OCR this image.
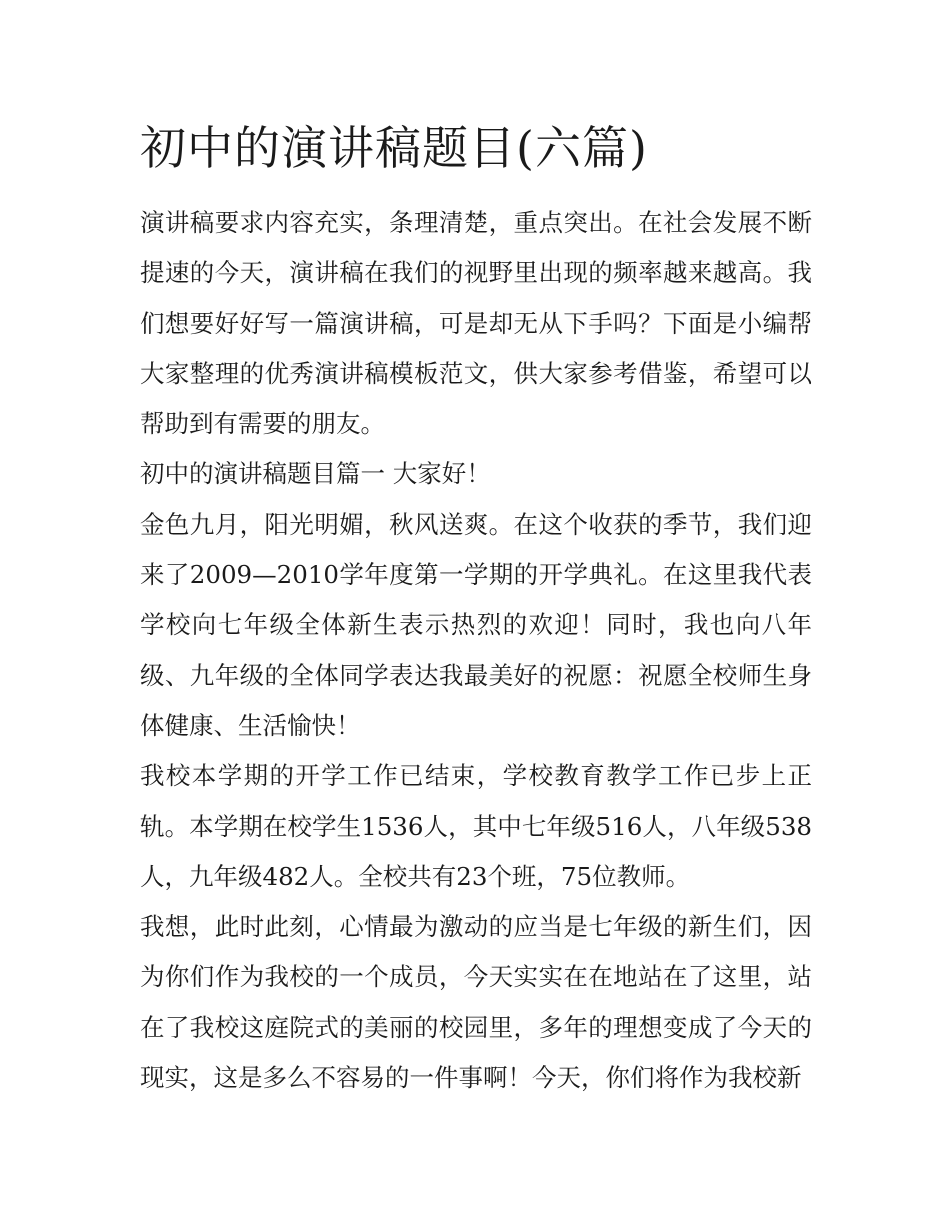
初中的演讲稿题目(六篇)

演讲稿要求内容充实，条理清楚，重点突出。在社会发展不断提速的今天，演讲稿在我们的视野里出现的频率越来越高。我们想要好好写一篇演讲稿，可是却无从下手吗？下面是小编帮大家整理的优秀演讲稿模板范文，供大家参考借鉴，希望可以帮助到有需要的朋友。

初中的演讲稿题目篇一 大家好！

金色九月，阳光明媚，秋风送爽。在这个收获的季节，我们迎来了2009—2010学年度第一学期的开学典礼。在这里我代表学校向七年级全体新生表示热烈的欢迎！同时，我也向八年级、九年级的全体同学表达我最美好的祝愿：祝愿全校师生身体健康、生活愉快！

我校本学期的开学工作已结束，学校教育教学工作已步上正轨。本学期在校学生1536人，其中七年级516人，八年级538人，九年级482人。全校共有23个班，75位教师。

我想，此时此刻，心情最为激动的应当是七年级的新生们，因为你们作为我校的一个成员，今天实实在在地站在了这里，站在了我校这庭院式的美丽的校园里，多年的理想变成了今天的现实，这是多么不容易的一件事啊！今天，你们将作为我校新
